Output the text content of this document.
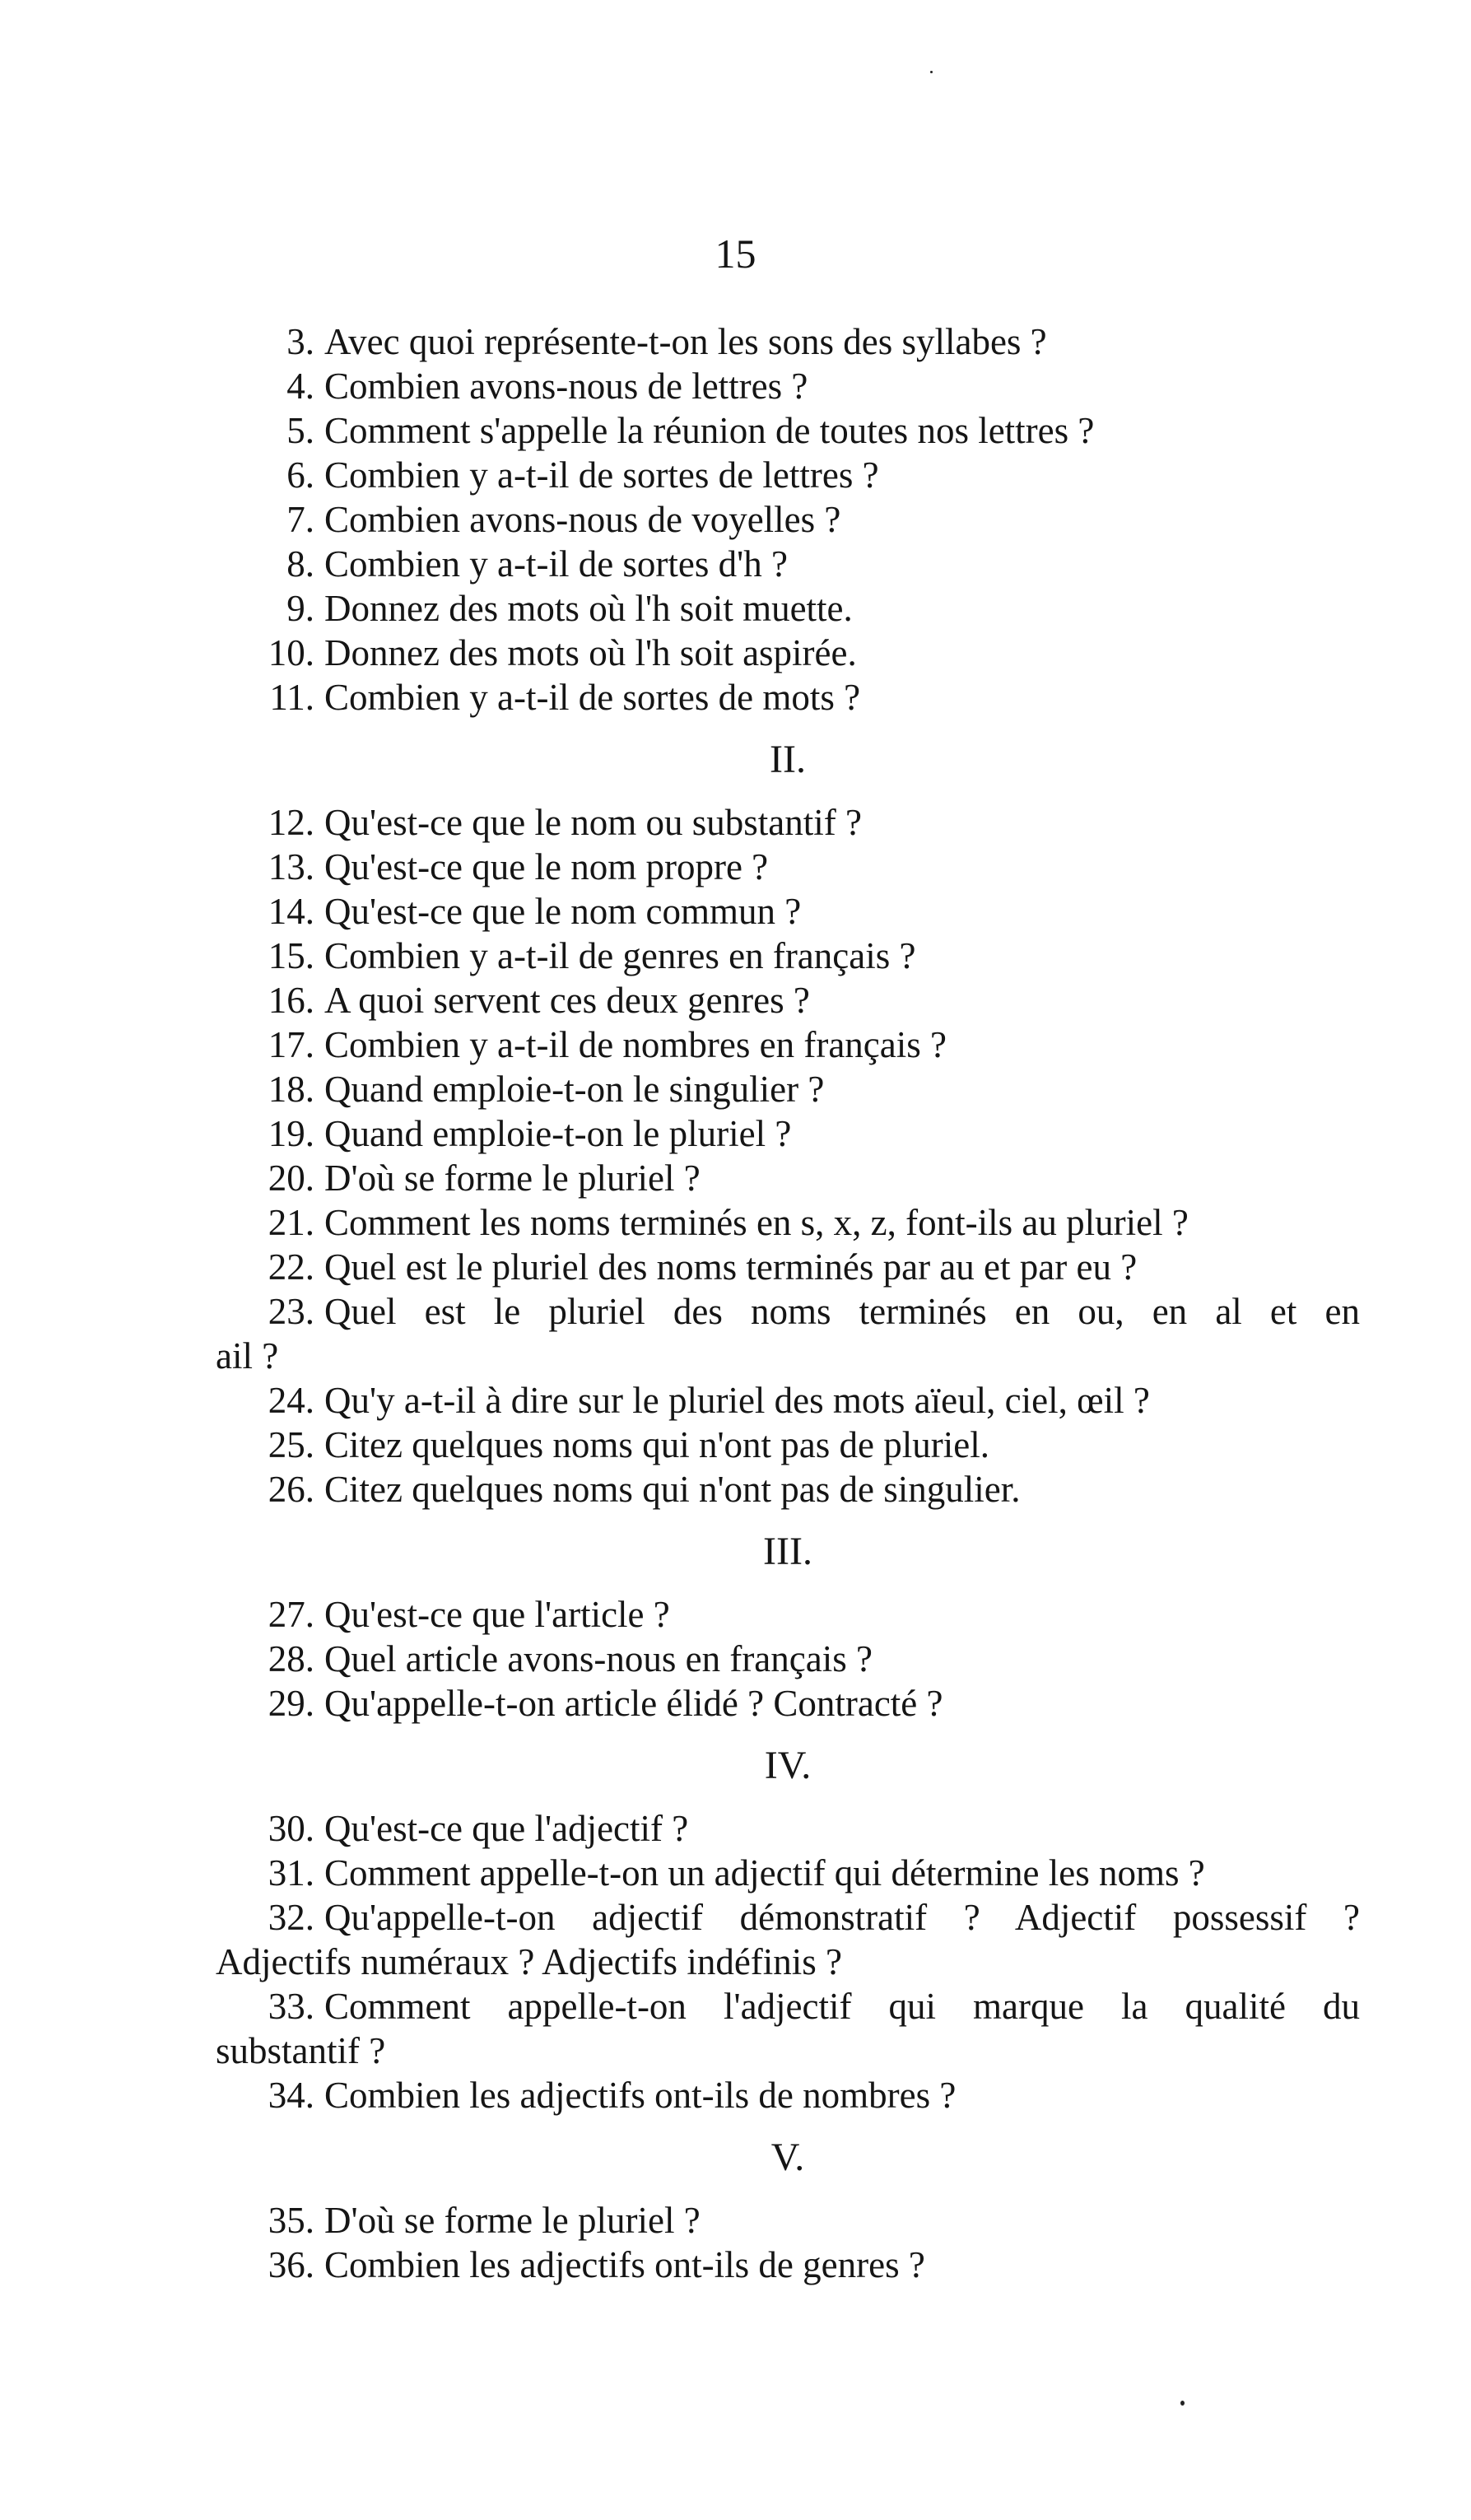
15
3. Avec quoi représente-t-on les sons des syllabes ?
4. Combien avons-nous de lettres ?
5. Comment s'appelle la réunion de toutes nos lettres ?
6. Combien y a-t-il de sortes de lettres ?
7. Combien avons-nous de voyelles ?
8. Combien y a-t-il de sortes d'h ?
9. Donnez des mots où l'h soit muette.
10. Donnez des mots où l'h soit aspirée.
11. Combien y a-t-il de sortes de mots ?
II.
12. Qu'est-ce que le nom ou substantif ?
13. Qu'est-ce que le nom propre ?
14. Qu'est-ce que le nom commun ?
15. Combien y a-t-il de genres en français ?
16. A quoi servent ces deux genres ?
17. Combien y a-t-il de nombres en français ?
18. Quand emploie-t-on le singulier ?
19. Quand emploie-t-on le pluriel ?
20. D'où se forme le pluriel ?
21. Comment les noms terminés en s, x, z, font-ils au pluriel ?
22. Quel est le pluriel des noms terminés par au et par eu ?
23. Quel est le pluriel des noms terminés en ou, en al et en
ail ?
24. Qu'y a-t-il à dire sur le pluriel des mots aïeul, ciel, œil ?
25. Citez quelques noms qui n'ont pas de pluriel.
26. Citez quelques noms qui n'ont pas de singulier.
III.
27. Qu'est-ce que l'article ?
28. Quel article avons-nous en français ?
29. Qu'appelle-t-on article élidé ? Contracté ?
IV.
30. Qu'est-ce que l'adjectif ?
31. Comment appelle-t-on un adjectif qui détermine les noms ?
32. Qu'appelle-t-on adjectif démonstratif ? Adjectif possessif ?
Adjectifs numéraux ? Adjectifs indéfinis ?
33. Comment appelle-t-on l'adjectif qui marque la qualité du
substantif ?
34. Combien les adjectifs ont-ils de nombres ?
V.
35. D'où se forme le pluriel ?
36. Combien les adjectifs ont-ils de genres ?
